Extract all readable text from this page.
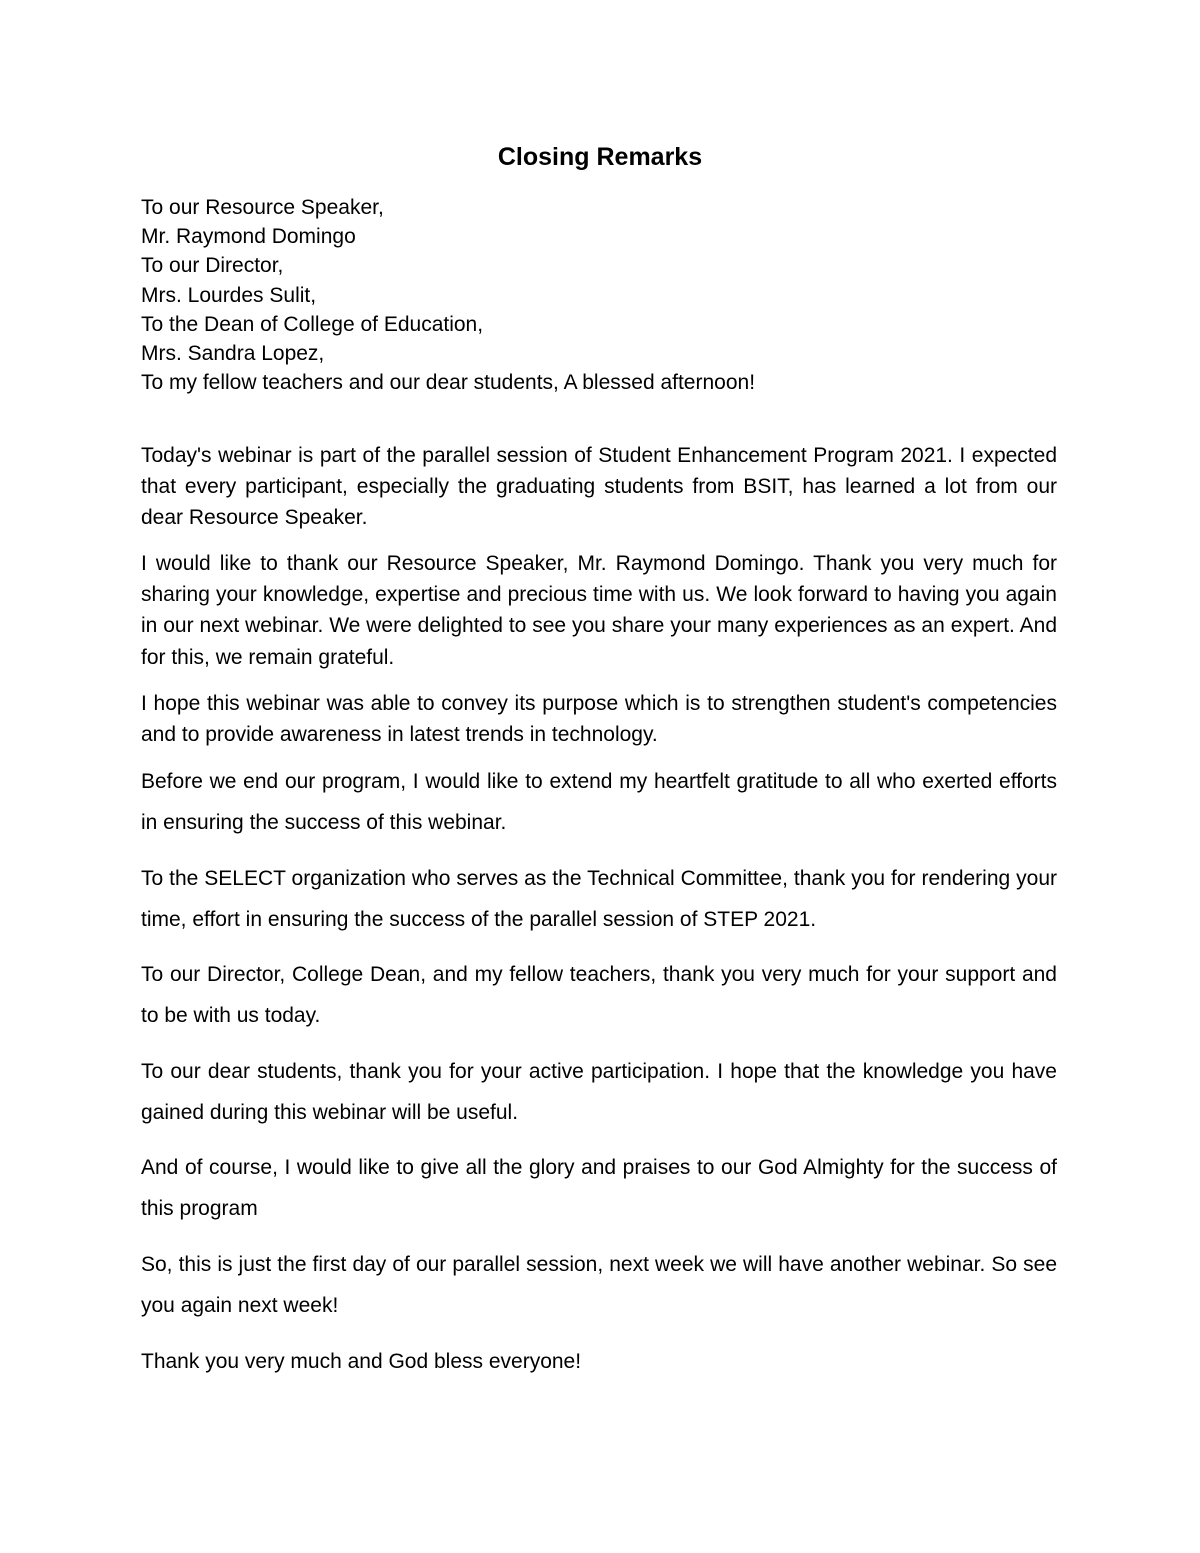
Closing Remarks
To our Resource Speaker,
Mr. Raymond Domingo
To our Director,
Mrs. Lourdes Sulit,
To the Dean of College of Education,
Mrs. Sandra Lopez,
To my fellow teachers and our dear students, A blessed afternoon!

Today's webinar is part of the parallel session of Student Enhancement Program 2021. I expected that every participant, especially the graduating students from BSIT, has learned a lot from our dear Resource Speaker.

I would like to thank our Resource Speaker, Mr. Raymond Domingo. Thank you very much for sharing your knowledge, expertise and precious time with us. We look forward to having you again in our next webinar. We were delighted to see you share your many experiences as an expert. And for this, we remain grateful.

I hope this webinar was able to convey its purpose which is to strengthen student's competencies and to provide awareness in latest trends in technology.

Before we end our program, I would like to extend my heartfelt gratitude to all who exerted efforts in ensuring the success of this webinar.

To the SELECT organization who serves as the Technical Committee, thank you for rendering your time, effort in ensuring the success of the parallel session of STEP 2021.

To our Director, College Dean, and my fellow teachers, thank you very much for your support and to be with us today.

To our dear students, thank you for your active participation. I hope that the knowledge you have gained during this webinar will be useful.

And of course, I would like to give all the glory and praises to our God Almighty for the success of this program

So, this is just the first day of our parallel session, next week we will have another webinar. So see you again next week!

Thank you very much and God bless everyone!
